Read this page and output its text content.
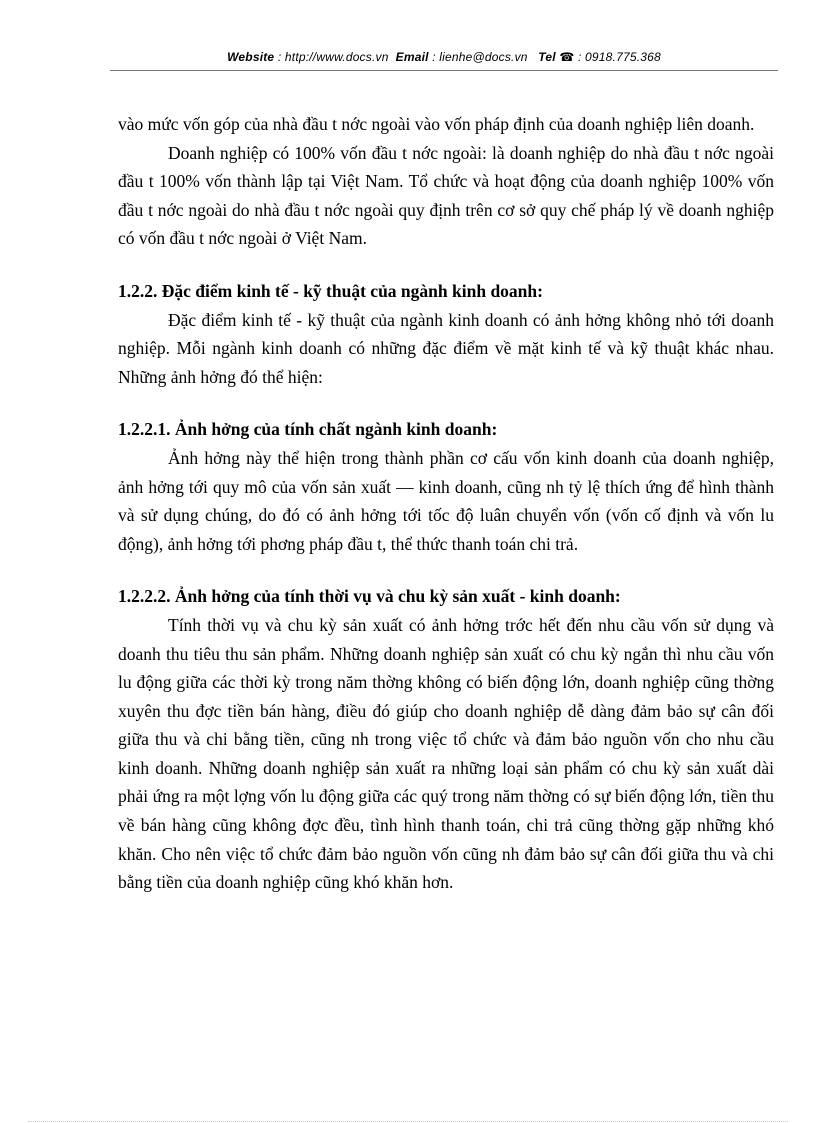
Website : http://www.docs.vn Email : lienhe@docs.vn Tel ☎ : 0918.775.368

vào mức vốn góp của nhà đầu t nớc ngoài vào vốn pháp định của doanh nghiệp liên doanh.

Doanh nghiệp có 100% vốn đầu t nớc ngoài: là doanh nghiệp do nhà đầu t nớc ngoài đầu t 100% vốn thành lập tại Việt Nam. Tổ chức và hoạt động của doanh nghiệp 100% vốn đầu t nớc ngoài do nhà đầu t nớc ngoài quy định trên cơ sở quy chế pháp lý về doanh nghiệp có vốn đầu t nớc ngoài ở Việt Nam.

1.2.2. Đặc điểm kinh tế - kỹ thuật của ngành kinh doanh:

Đặc điểm kinh tế - kỹ thuật của ngành kinh doanh có ảnh hởng không nhỏ tới doanh nghiệp. Mỗi ngành kinh doanh có những đặc điểm về mặt kinh tế và kỹ thuật khác nhau. Những ảnh hởng đó thể hiện:

1.2.2.1. Ảnh hởng của tính chất ngành kinh doanh:

Ảnh hởng này thể hiện trong thành phần cơ cấu vốn kinh doanh của doanh nghiệp, ảnh hởng tới quy mô của vốn sản xuất — kinh doanh, cũng nh tỷ lệ thích ứng để hình thành và sử dụng chúng, do đó có ảnh hởng tới tốc độ luân chuyển vốn (vốn cố định và vốn lu động), ảnh hởng tới phơng pháp đầu t, thể thức thanh toán chi trả.

1.2.2.2. Ảnh hởng của tính thời vụ và chu kỳ sản xuất - kinh doanh:

Tính thời vụ và chu kỳ sản xuất có ảnh hởng trớc hết đến nhu cầu vốn sử dụng và doanh thu tiêu thu sản phẩm. Những doanh nghiệp sản xuất có chu kỳ ngắn thì nhu cầu vốn lu động giữa các thời kỳ trong năm thờng không có biến động lớn, doanh nghiệp cũng thờng xuyên thu đợc tiền bán hàng, điều đó giúp cho doanh nghiệp dễ dàng đảm bảo sự cân đối giữa thu và chi bằng tiền, cũng nh trong việc tổ chức và đảm bảo nguồn vốn cho nhu cầu kinh doanh. Những doanh nghiệp sản xuất ra những loại sản phẩm có chu kỳ sản xuất dài phải ứng ra một lợng vốn lu động giữa các quý trong năm thờng có sự biến động lớn, tiền thu về bán hàng cũng không đợc đều, tình hình thanh toán, chi trả cũng thờng gặp những khó khăn. Cho nên việc tổ chức đảm bảo nguồn vốn cũng nh đảm bảo sự cân đối giữa thu và chi bằng tiền của doanh nghiệp cũng khó khăn hơn.
